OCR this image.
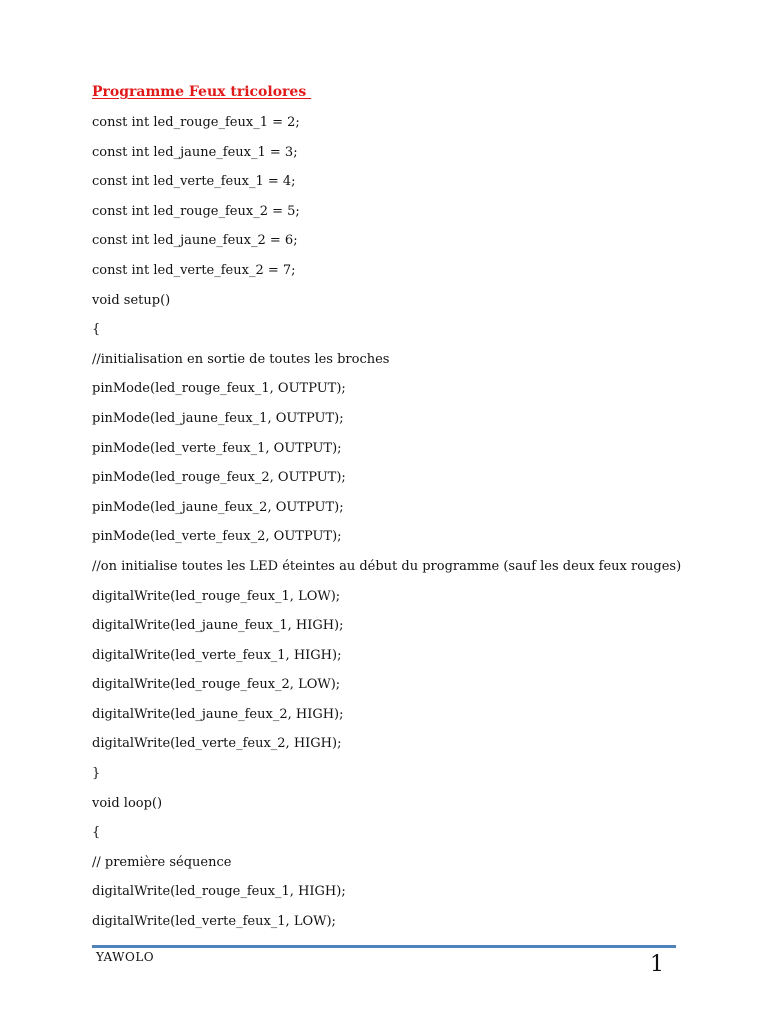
Programme Feux tricolores
const int led_rouge_feux_1 = 2;
const int led_jaune_feux_1 = 3;
const int led_verte_feux_1 = 4;
const int led_rouge_feux_2 = 5;
const int led_jaune_feux_2 = 6;
const int led_verte_feux_2 = 7;
void setup()
{
//initialisation en sortie de toutes les broches
pinMode(led_rouge_feux_1, OUTPUT);
pinMode(led_jaune_feux_1, OUTPUT);
pinMode(led_verte_feux_1, OUTPUT);
pinMode(led_rouge_feux_2, OUTPUT);
pinMode(led_jaune_feux_2, OUTPUT);
pinMode(led_verte_feux_2, OUTPUT);
//on initialise toutes les LED éteintes au début du programme (sauf les deux feux rouges)
digitalWrite(led_rouge_feux_1, LOW);
digitalWrite(led_jaune_feux_1, HIGH);
digitalWrite(led_verte_feux_1, HIGH);
digitalWrite(led_rouge_feux_2, LOW);
digitalWrite(led_jaune_feux_2, HIGH);
digitalWrite(led_verte_feux_2, HIGH);
}
void loop()
{
// première séquence
digitalWrite(led_rouge_feux_1, HIGH);
digitalWrite(led_verte_feux_1, LOW);
YAWOLO	1
